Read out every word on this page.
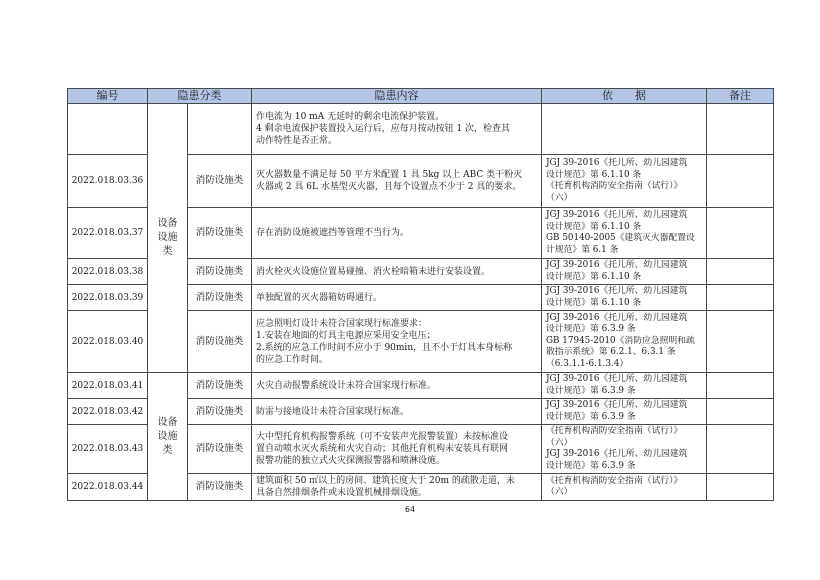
编号	隐患分类		隐患内容	依　　据	备注

	设备
设施
类		作电流为 10 mA 无延时的剩余电流保护装置。
4 剩余电流保护装置投入运行后，应每月按动按钮 1 次，检查其
动作特性是否正常。		

2022.018.03.36		消防设施类	灭火器数量不满足每 50 平方米配置 1 具 5kg 以上 ABC 类干粉灭
火器或 2 具 6L 水基型灭火器，且每个设置点不少于 2 具的要求。	JGJ 39-2016《托儿所、幼儿园建筑
设计规范》第 6.1.10 条
《托育机构消防安全指南（试行）》
（六）	

2022.018.03.37		消防设施类	存在消防设施被遮挡等管理不当行为。	JGJ 39-2016《托儿所、幼儿园建筑
设计规范》第 6.1.10 条
GB 50140-2005《建筑灭火器配置设
计规范》第 6.1 条	

2022.018.03.38		消防设施类	消火栓灭火设施位置易碰撞、消火栓暗箱未进行安装设置。	JGJ 39-2016《托儿所、幼儿园建筑
设计规范》第 6.1.10 条	

2022.018.03.39		消防设施类	单独配置的灭火器箱妨碍通行。	JGJ 39-2016《托儿所、幼儿园建筑
设计规范》第 6.1.10 条	

2022.018.03.40		消防设施类	应急照明灯设计未符合国家现行标准要求：
1.安装在地面的灯具主电源应采用安全电压；
2.系统的应急工作时间不应小于 90min，且不小于灯具本身标称
的应急工作时间。	JGJ 39-2016《托儿所、幼儿园建筑
设计规范》第 6.3.9 条
GB 17945-2010《消防应急照明和疏
散指示系统》第 6.2.1、6.3.1 条
（6.3.1.1-6.1.3.4）	

2022.018.03.41	设备
设施
类	消防设施类	火灾自动报警系统设计未符合国家现行标准。	JGJ 39-2016《托儿所、幼儿园建筑
设计规范》第 6.3.9 条	

2022.018.03.42		消防设施类	防雷与接地设计未符合国家现行标准。	JGJ 39-2016《托儿所、幼儿园建筑
设计规范》第 6.3.9 条	

2022.018.03.43		消防设施类	大中型托育机构报警系统（可不安装声光报警装置）未按标准设
置自动喷水灭火系统和火灾自动；其他托育机构未安装具有联网
报警功能的独立式火灾探测报警器和喷淋设施。	《托育机构消防安全指南（试行）》
（六）
JGJ 39-2016《托儿所、幼儿园建筑
设计规范》第 6.3.9 条	

2022.018.03.44		消防设施类	建筑面积 50 ㎡以上的房间、建筑长度大于 20m 的疏散走道，未
具备自然排烟条件或未设置机械排烟设施。	《托育机构消防安全指南（试行）》
（六）	

64
